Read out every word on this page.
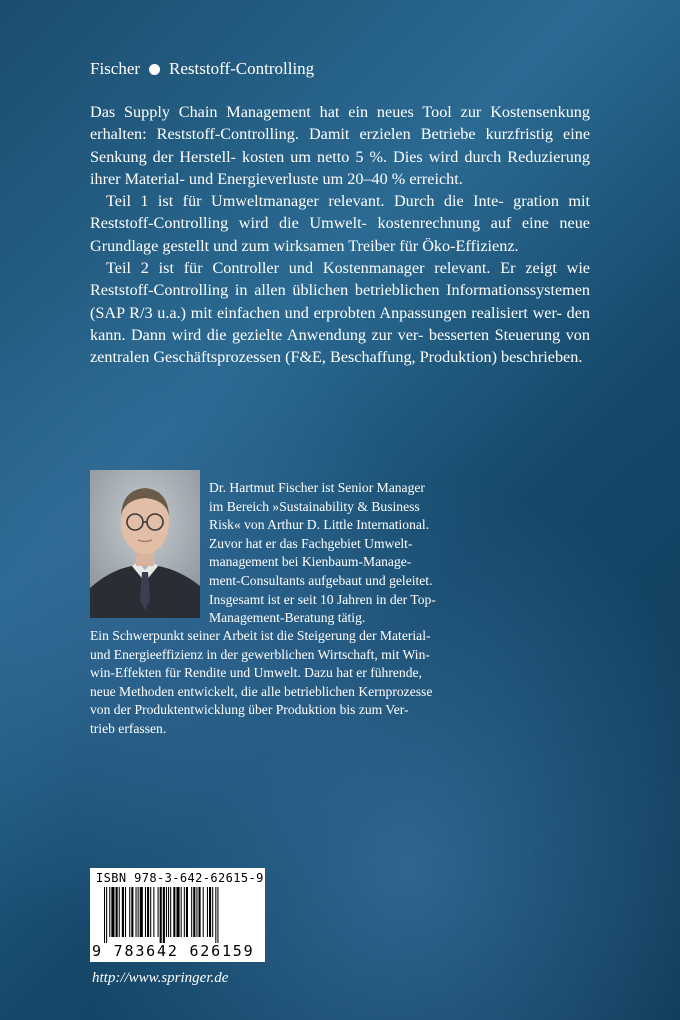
Fischer Reststoff-Controlling

Das Supply Chain Management hat ein neues Tool zur Kostensenkung erhalten: Reststoff-Controlling. Damit erzielen Betriebe kurzfristig eine Senkung der Herstell- kosten um netto 5 %. Dies wird durch Reduzierung ihrer Material- und Energieverluste um 20–40 % erreicht.

Teil 1 ist für Umweltmanager relevant. Durch die Inte- gration mit Reststoff-Controlling wird die Umwelt- kostenrechnung auf eine neue Grundlage gestellt und zum wirksamen Treiber für Öko-Effizienz.

Teil 2 ist für Controller und Kostenmanager relevant. Er zeigt wie Reststoff-Controlling in allen üblichen betrieblichen Informationssystemen (SAP R/3 u.a.) mit einfachen und erprobten Anpassungen realisiert wer- den kann. Dann wird die gezielte Anwendung zur ver- besserten Steuerung von zentralen Geschäftsprozessen (F&E, Beschaffung, Produktion) beschrieben.

Dr. Hartmut Fischer ist Senior Manager
im Bereich »Sustainability & Business
Risk« von Arthur D. Little International.
Zuvor hat er das Fachgebiet Umwelt-
management bei Kienbaum-Manage-
ment-Consultants aufgebaut und geleitet.
Insgesamt ist er seit 10 Jahren in der Top-
Management-Beratung tätig.
Ein Schwerpunkt seiner Arbeit ist die Steigerung der Material-
und Energieeffizienz in der gewerblichen Wirtschaft, mit Win-
win-Effekten für Rendite und Umwelt. Dazu hat er führende,
neue Methoden entwickelt, die alle betrieblichen Kernprozesse
von der Produktentwicklung über Produktion bis zum Ver-
trieb erfassen.
ISBN 978-3-642-62615-9
9 783642 626159
http://www.springer.de
